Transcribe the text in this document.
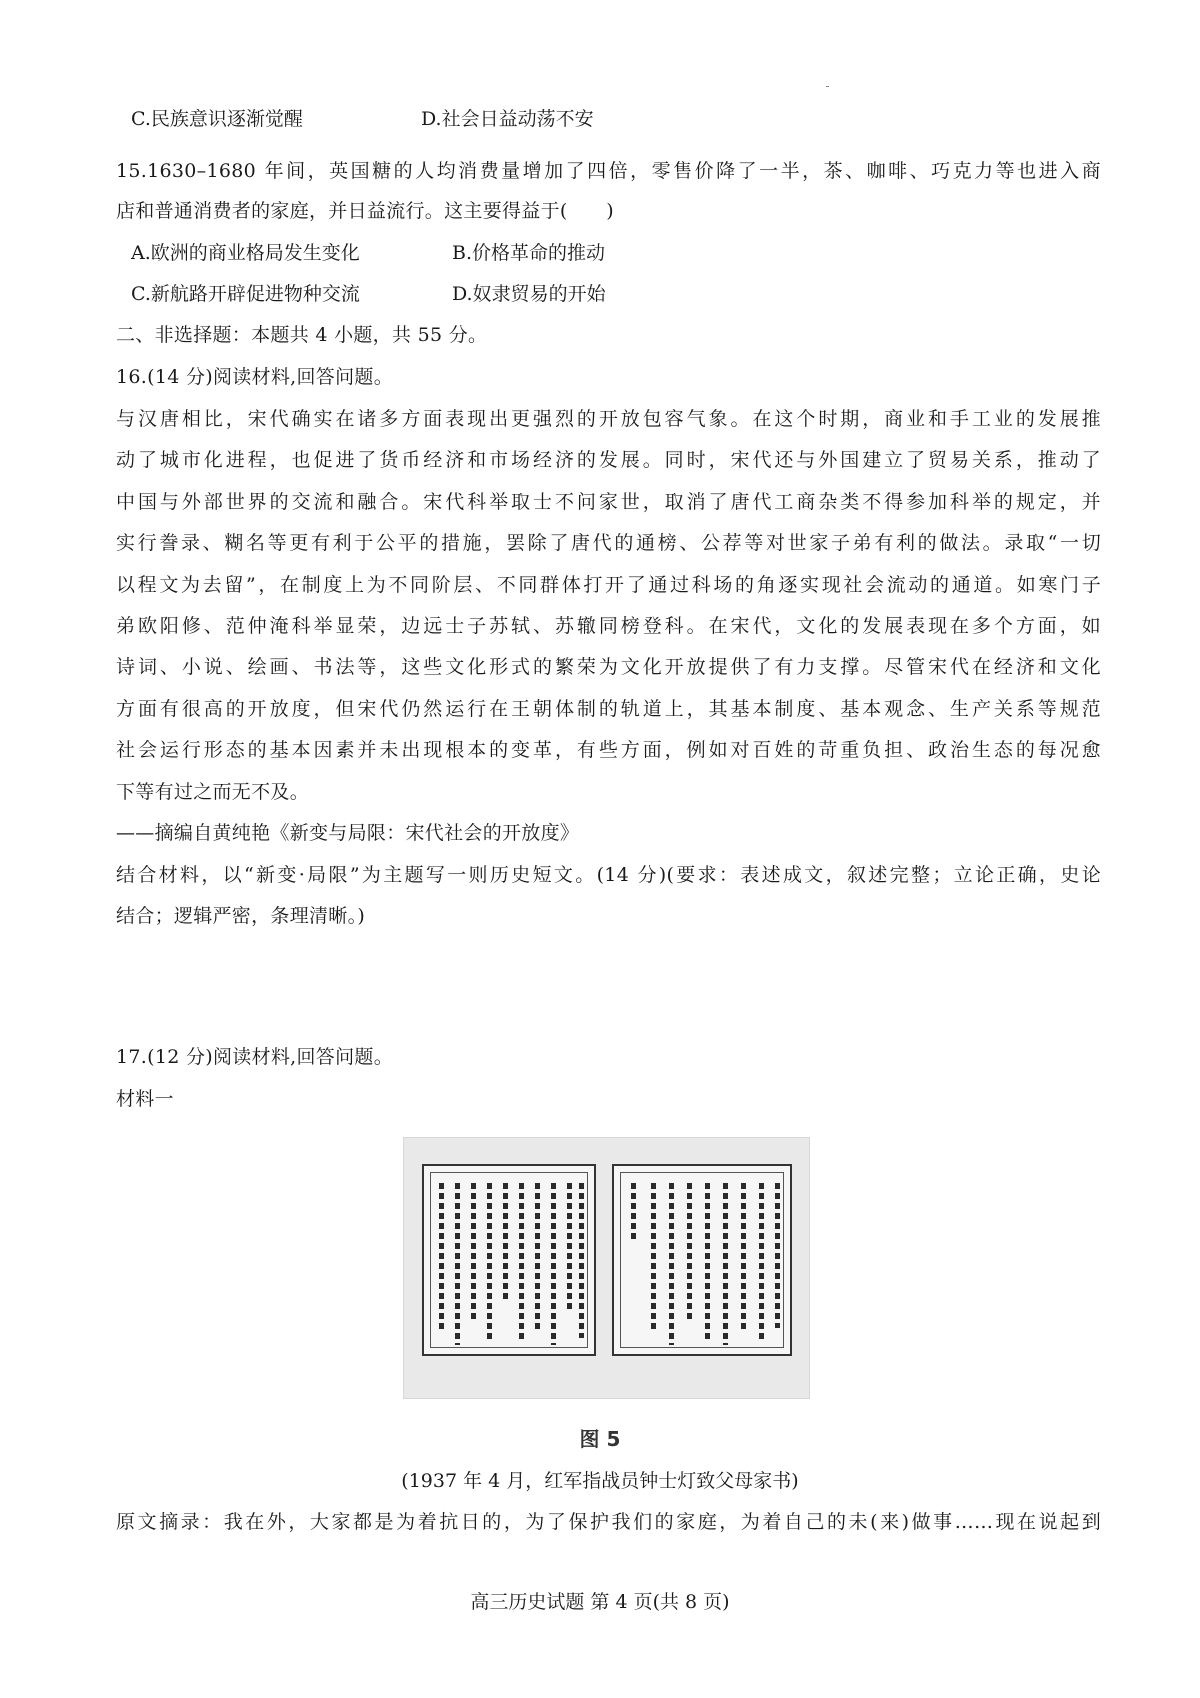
C.民族意识逐渐觉醒	D.社会日益动荡不安
15.1630–1680 年间，英国糖的人均消费量增加了四倍，零售价降了一半，茶、咖啡、巧克力等也进入商
店和普通消费者的家庭，并日益流行。这主要得益于(　　)
A.欧洲的商业格局发生变化	B.价格革命的推动
C.新航路开辟促进物种交流	D.奴隶贸易的开始
二、非选择题：本题共 4 小题，共 55 分。
16.(14 分)阅读材料,回答问题。
与汉唐相比，宋代确实在诸多方面表现出更强烈的开放包容气象。在这个时期，商业和手工业的发展推
动了城市化进程，也促进了货币经济和市场经济的发展。同时，宋代还与外国建立了贸易关系，推动了
中国与外部世界的交流和融合。宋代科举取士不问家世，取消了唐代工商杂类不得参加科举的规定，并
实行誊录、糊名等更有利于公平的措施，罢除了唐代的通榜、公荐等对世家子弟有利的做法。录取“一切
以程文为去留”，在制度上为不同阶层、不同群体打开了通过科场的角逐实现社会流动的通道。如寒门子
弟欧阳修、范仲淹科举显荣，边远士子苏轼、苏辙同榜登科。在宋代，文化的发展表现在多个方面，如
诗词、小说、绘画、书法等，这些文化形式的繁荣为文化开放提供了有力支撑。尽管宋代在经济和文化
方面有很高的开放度，但宋代仍然运行在王朝体制的轨道上，其基本制度、基本观念、生产关系等规范
社会运行形态的基本因素并未出现根本的变革，有些方面，例如对百姓的苛重负担、政治生态的每况愈
下等有过之而无不及。
——摘编自黄纯艳《新变与局限：宋代社会的开放度》
结合材料，以“新变·局限”为主题写一则历史短文。(14 分)(要求：表述成文，叙述完整；立论正确，史论
结合；逻辑严密，条理清晰。)
17.(12 分)阅读材料,回答问题。
材料一
图 5
(1937 年 4 月，红军指战员钟士灯致父母家书)
原文摘录：我在外，大家都是为着抗日的，为了保护我们的家庭，为着自己的未(来)做事……现在说起到
高三历史试题 第 4 页(共 8 页)
